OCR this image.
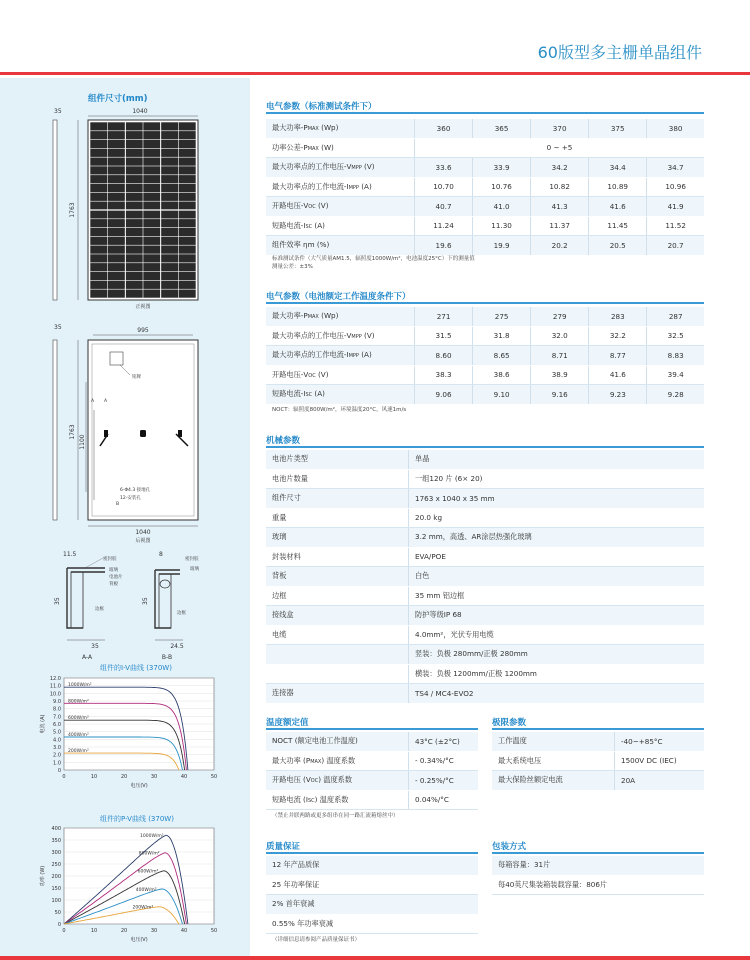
60版型多主栅单晶组件
组件尺寸(mm)
35	1040
1763
正视图
35	995
铭牌
A A
B
1763
1100
6-Φ4.3 接地孔
12-安装孔
1040
后视图
11.5
密封胶
玻璃
电池片
背板
边框
35
35
A-A
8
密封胶
玻璃
35
边框
24.5
B-B
组件的I-V曲线 (370W)
0
1.0
2.0
3.0
4.0
5.0
6.0
7.0
8.0
9.0
10.0
11.0
12.0
0	10	20	30	40	50
电压(V)
电流 (A)
1000W/m²
800W/m²
600W/m²
400W/m²
200W/m²
组件的P-V曲线 (370W)
0
50
100
150
200
250
300
350
400
0	10	20	30	40	50
电压(V)
功率 (W)
1000W/m²
800W/m²
600W/m²
400W/m²
200W/m²
电气参数（标准测试条件下）
最大功率-PMAX (Wp)	360	365	370	375	380
功率公差-PMAX (W)	0 ~ +5				
最大功率点的工作电压-VMPP (V)	33.6	33.9	34.2	34.4	34.7
最大功率点的工作电流-IMPP (A)	10.70	10.76	10.82	10.89	10.96
开路电压-VOC (V)	40.7	41.0	41.3	41.6	41.9
短路电流-ISC (A)	11.24	11.30	11.37	11.45	11.52
组件效率 ηm (%)	19.6	19.9	20.2	20.5	20.7
标准测试条件（大气质量AM1.5，辐照度1000W/m²，电池温度25°C）下的测量值
测量公差：±3%
电气参数（电池额定工作温度条件下）
最大功率-PMAX (Wp)	271	275	279	283	287
最大功率点的工作电压-VMPP (V)	31.5	31.8	32.0	32.2	32.5
最大功率点的工作电流-IMPP (A)	8.60	8.65	8.71	8.77	8.83
开路电压-VOC (V)	38.3	38.6	38.9	41.6	39.4
短路电流-ISC (A)	9.06	9.10	9.16	9.23	9.28
NOCT：辐照度800W/m²，环境温度20°C，风速1m/s
机械参数
电池片类型	单晶
电池片数量	一组120 片 (6× 20)
组件尺寸	1763 x 1040 x 35 mm
重量	20.0 kg
玻璃	3.2 mm，高透、AR涂层热强化玻璃
封装材料	EVA/POE
背板	白色
边框	35 mm 铝边框
接线盒	防护等级IP 68
电缆	4.0mm²，光伏专用电缆
	竖装：负极 280mm/正极 280mm
	横装：负极 1200mm/正极 1200mm
连接器	TS4 / MC4-EVO2
温度额定值
NOCT (额定电池工作温度)	43°C (±2°C)
最大功率 (PMAX) 温度系数	- 0.34%/°C
开路电压 (VOC) 温度系数	- 0.25%/°C
短路电流 (ISC) 温度系数	0.04%/°C
（禁止并联两路或更多组串在同一路汇流箱熔丝中）
极限参数
工作温度	-40~+85°C
最大系统电压	1500V DC (IEC)
最大保险丝额定电流	20A
质量保证
12 年产品质保
25 年功率保证
2% 首年衰减
0.55% 年功率衰减
（详细信息请参阅产品质量保证书）
包装方式
每箱容量：31片
每40英尺集装箱装载容量：806片
